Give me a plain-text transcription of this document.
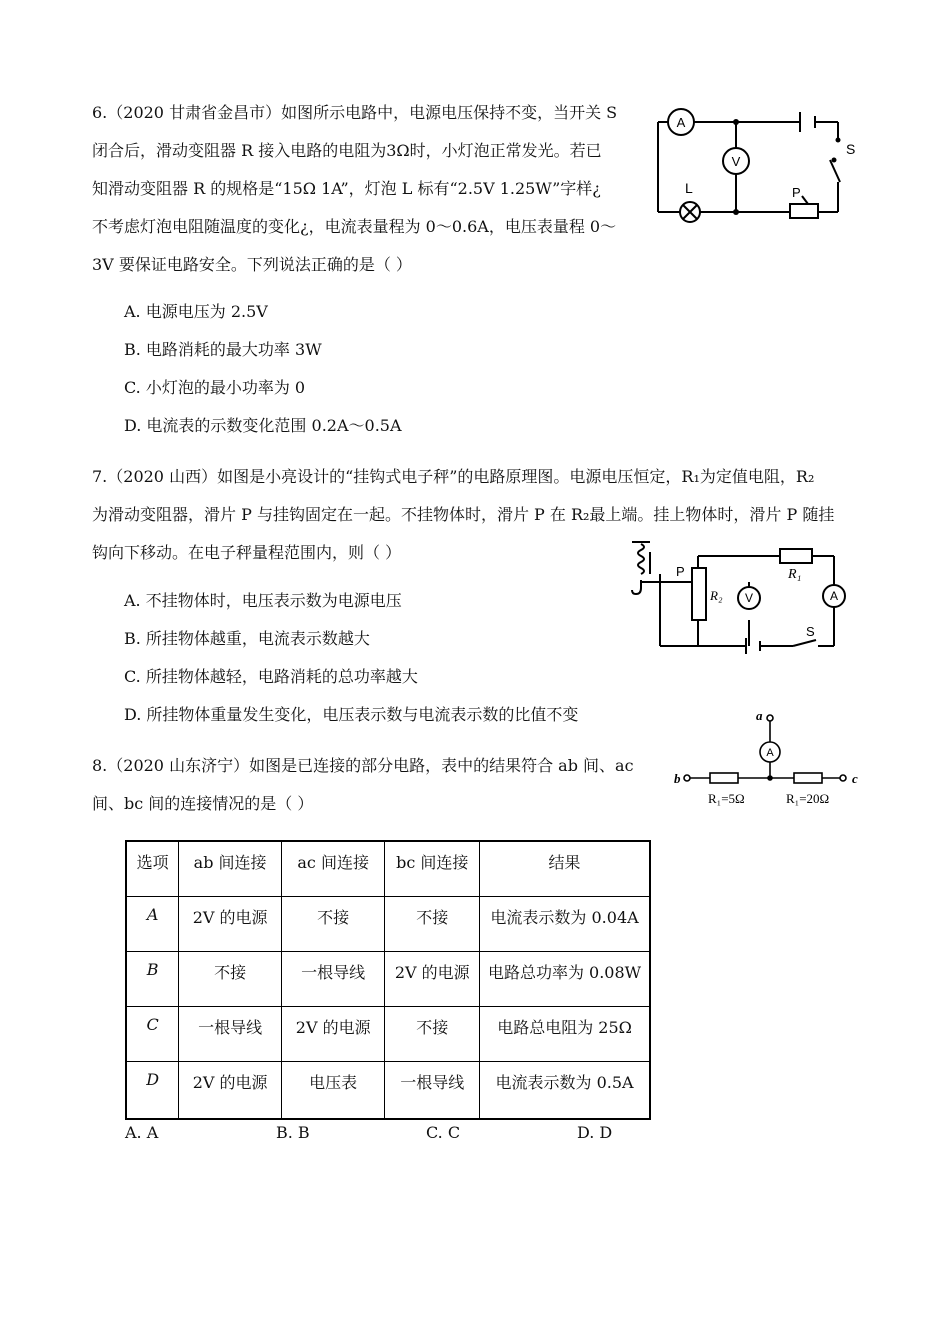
6.（2020 甘肃省金昌市）如图所示电路中，电源电压保持不变，当开关 S
闭合后，滑动变阻器 R 接入电路的电阻为3Ω时，小灯泡正常发光。若已
知滑动变阻器 R 的规格是“15Ω 1A”，灯泡 L 标有“2.5V 1.25W”字样¿
不考虑灯泡电阻随温度的变化¿，电流表量程为 0～0.6A，电压表量程 0～
3V 要保证电路安全。下列说法正确的是（ ）
A. 电源电压为 2.5V
B. 电路消耗的最大功率 3W
C. 小灯泡的最小功率为 0
D. 电流表的示数变化范围 0.2A～0.5A
A
V
L
S
P
7.（2020 山西）如图是小亮设计的“挂钩式电子秤”的电路原理图。电源电压恒定，R₁为定值电阻，R₂
为滑动变阻器，滑片 P 与挂钩固定在一起。不挂物体时，滑片 P 在 R₂最上端。挂上物体时，滑片 P 随挂
钩向下移动。在电子秤量程范围内，则（ ）
A. 不挂物体时，电压表示数为电源电压
B. 所挂物体越重，电流表示数越大
C. 所挂物体越轻，电路消耗的总功率越大
D. 所挂物体重量发生变化，电压表示数与电流表示数的比值不变
P
R₂
R₁
V	A
S
8.（2020 山东济宁）如图是已连接的部分电路，表中的结果符合 ab 间、ac
间、bc 间的连接情况的是（ ）
a
b	c
A
R₁=5Ω	R₁=20Ω
选项	ab 间连接	ac 间连接	bc 间连接	结果
A	2V 的电源	不接	不接	电流表示数为 0.04A
B	不接	一根导线	2V 的电源	电路总功率为 0.08W
C	一根导线	2V 的电源	不接	电路总电阻为 25Ω
D	2V 的电源	电压表	一根导线	电流表示数为 0.5A
A. A	B. B	C. C	D. D
